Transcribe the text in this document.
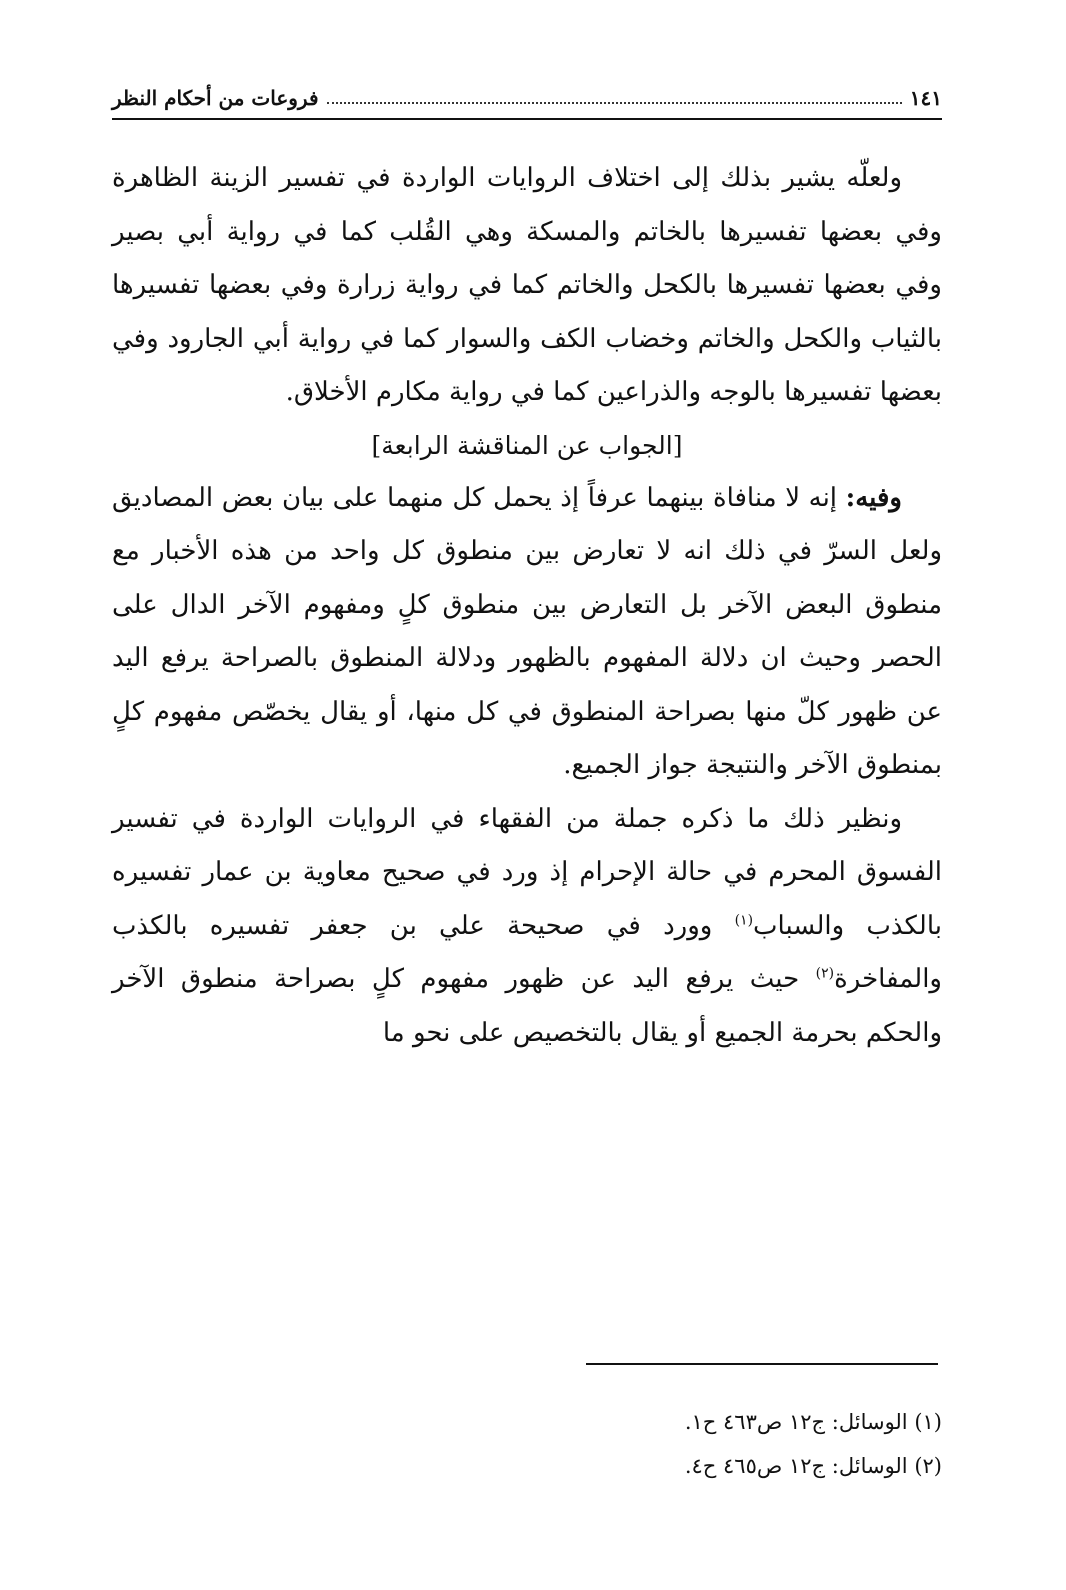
١٤١
فروعات من أحكام النظر

ولعلّه يشير بذلك إلى اختلاف الروايات الواردة في تفسير الزينة الظاهرة وفي بعضها تفسيرها بالخاتم والمسكة وهي القُلب كما في رواية أبي بصير وفي بعضها تفسيرها بالكحل والخاتم كما في رواية زرارة وفي بعضها تفسيرها بالثياب والكحل والخاتم وخضاب الكف والسوار كما في رواية أبي الجارود وفي بعضها تفسيرها بالوجه والذراعين كما في رواية مكارم الأخلاق.

[الجواب عن المناقشة الرابعة]

وفيه: إنه لا منافاة بينهما عرفاً إذ يحمل كل منهما على بيان بعض المصاديق ولعل السرّ في ذلك انه لا تعارض بين منطوق كل واحد من هذه الأخبار مع منطوق البعض الآخر بل التعارض بين منطوق كلٍ ومفهوم الآخر الدال على الحصر وحيث ان دلالة المفهوم بالظهور ودلالة المنطوق بالصراحة يرفع اليد عن ظهور كلّ منها بصراحة المنطوق في كل منها، أو يقال يخصّص مفهوم كلٍ بمنطوق الآخر والنتيجة جواز الجميع.

ونظير ذلك ما ذكره جملة من الفقهاء في الروايات الواردة في تفسير الفسوق المحرم في حالة الإحرام إذ ورد في صحيح معاوية بن عمار تفسيره بالكذب والسباب$^{(١)}$ وورد في صحيحة علي بن جعفر تفسيره بالكذب والمفاخرة$^{(٢)}$ حيث يرفع اليد عن ظهور مفهوم كلٍ بصراحة منطوق الآخر والحكم بحرمة الجميع أو يقال بالتخصيص على نحو ما

(١) الوسائل: ج١٢ ص٤٦٣ ح١.
(٢) الوسائل: ج١٢ ص٤٦٥ ح٤.
